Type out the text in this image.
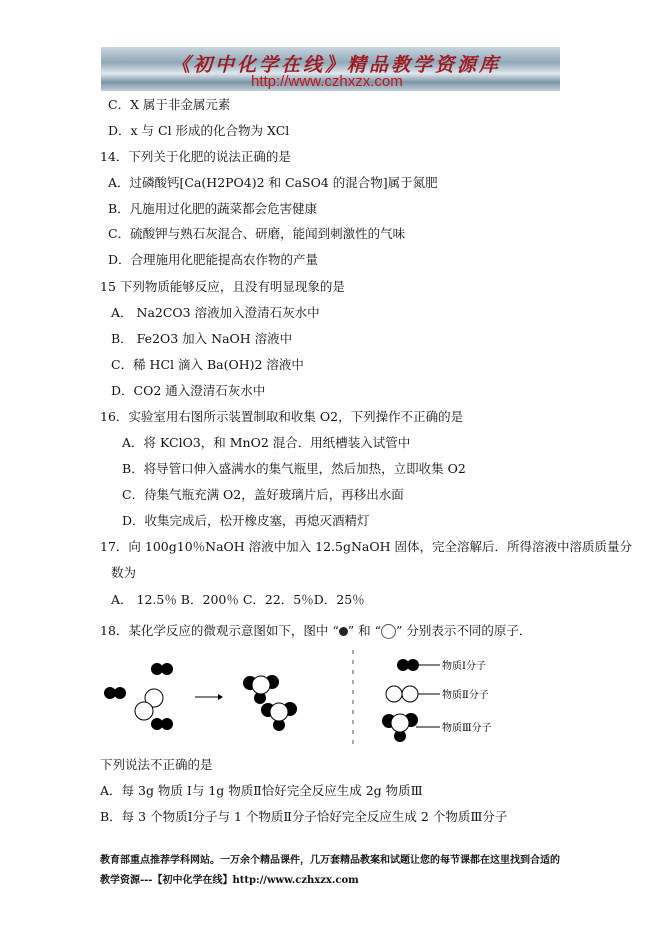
《初中化学在线》精品教学资源库
http://www.czhxzx.com
C．X 属于非金属元素
D．x 与 Cl 形成的化合物为 XCl
14．下列关于化肥的说法正确的是
A．过磷酸钙[Ca(H2PO4)2 和 CaSO4 的混合物]属于氮肥
B．凡施用过化肥的蔬菜都会危害健康
C．硫酸钾与熟石灰混合、研磨，能闻到刺激性的气味
D．合理施用化肥能提高农作物的产量
15 下列物质能够反应，且没有明显现象的是
A． Na2CO3 溶液加入澄清石灰水中
B． Fe2O3 加入 NaOH 溶液中
C．稀 HCl 滴入 Ba(OH)2 溶液中
D．CO2 通入澄清石灰水中
16．实验室用右图所示装置制取和收集 O2，下列操作不正确的是
A．将 KClO3，和 MnO2 混合．用纸槽装入试管中
B．将导管口伸入盛满水的集气瓶里，然后加热，立即收集 O2
C．待集气瓶充满 O2，盖好玻璃片后，再移出水面
D．收集完成后，松开橡皮塞，再熄灭酒精灯
17．向 100g10％NaOH 溶液中加入 12.5gNaOH 固体，完全溶解后．所得溶液中溶质质量分
数为
A． 12.5％ B．200％ C．22．5％D．25％
18．某化学反应的微观示意图如下，图中 “ ” 和 “ ” 分别表示不同的原子．
物质Ⅰ分子
物质Ⅱ分子
物质Ⅲ分子
下列说法不正确的是
A．每 3g 物质 Ⅰ与 1g 物质Ⅱ恰好完全反应生成 2g 物质Ⅲ
B．每 3 个物质Ⅰ分子与 1 个物质Ⅱ分子恰好完全反应生成 2 个物质Ⅲ分子
教育部重点推荐学科网站。一万余个精品课件，几万套精品教案和试题让您的每节课都在这里找到合适的
教学资源---【初中化学在线】http://www.czhxzx.com
